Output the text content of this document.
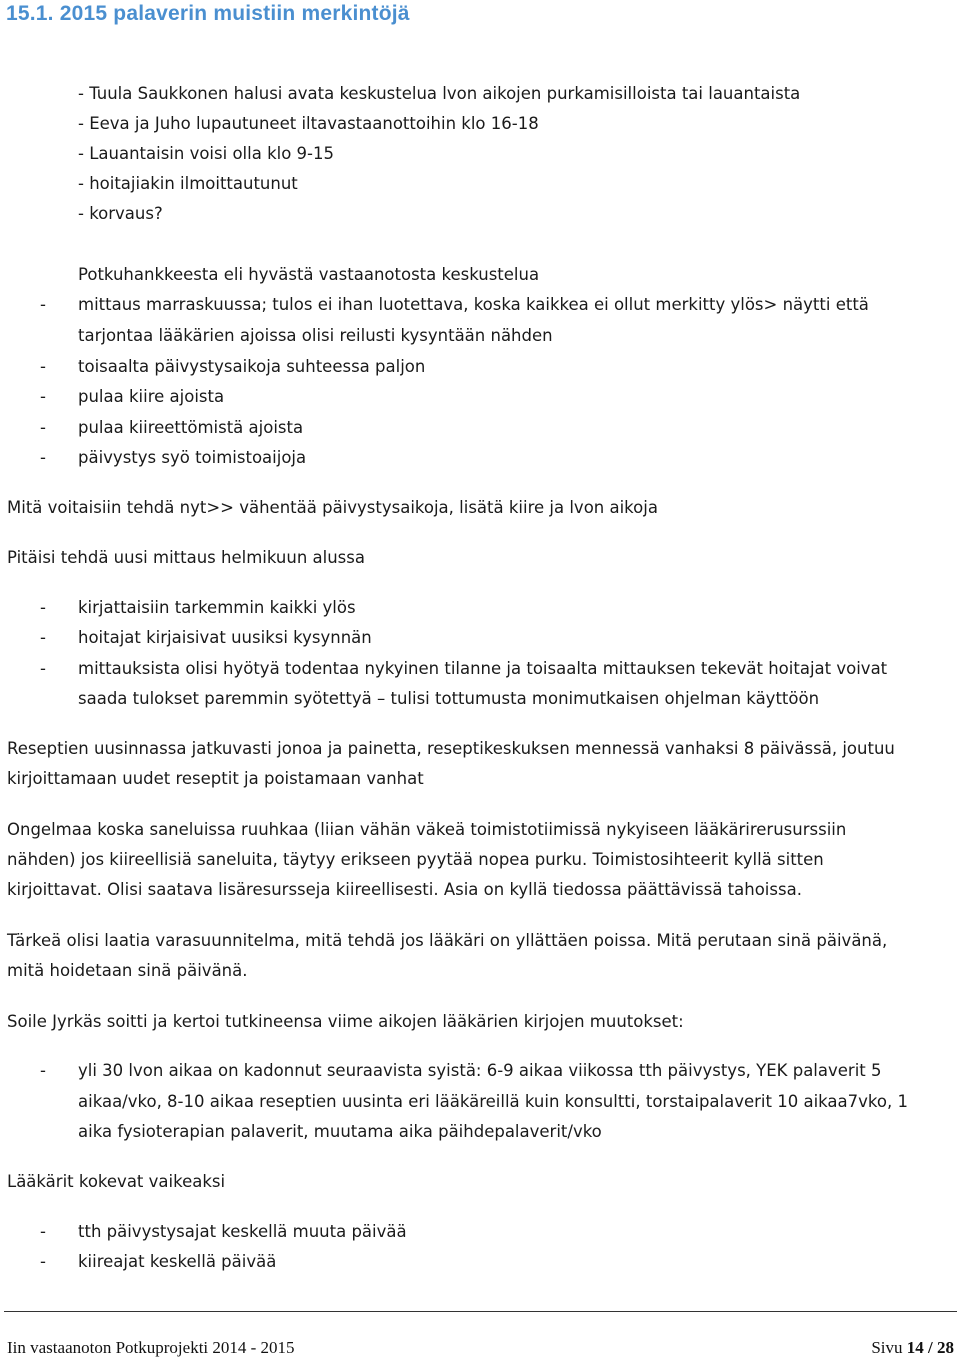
15.1. 2015 palaverin muistiin merkintöjä
- Tuula Saukkonen halusi avata keskustelua lvon aikojen purkamisilloista tai lauantaista
- Eeva ja Juho lupautuneet iltavastaanottoihin klo 16-18
- Lauantaisin voisi olla klo 9-15
- hoitajiakin ilmoittautunut
- korvaus?
Potkuhankkeesta eli hyvästä vastaanotosta keskustelua
- mittaus marraskuussa; tulos ei ihan luotettava, koska kaikkea ei ollut merkitty ylös> näytti että
tarjontaa lääkärien ajoissa olisi reilusti kysyntään nähden
- toisaalta päivystysaikoja suhteessa paljon
- pulaa kiire ajoista
- pulaa kiireettömistä ajoista
- päivystys syö toimistoaijoja
Mitä voitaisiin tehdä nyt>> vähentää päivystysaikoja, lisätä kiire ja lvon aikoja
Pitäisi tehdä uusi mittaus helmikuun alussa
- kirjattaisiin tarkemmin kaikki ylös
- hoitajat kirjaisivat uusiksi kysynnän
- mittauksista olisi hyötyä todentaa nykyinen tilanne ja toisaalta mittauksen tekevät hoitajat voivat
saada tulokset paremmin syötettyä – tulisi tottumusta monimutkaisen ohjelman käyttöön
Reseptien uusinnassa jatkuvasti jonoa ja painetta, reseptikeskuksen mennessä vanhaksi 8 päivässä, joutuu
kirjoittamaan uudet reseptit ja poistamaan vanhat
Ongelmaa koska saneluissa ruuhkaa (liian vähän väkeä toimistotiimissä nykyiseen lääkärirerusurssiin
nähden) jos kiireellisiä saneluita, täytyy erikseen pyytää nopea purku. Toimistosihteerit kyllä sitten
kirjoittavat. Olisi saatava lisäresursseja kiireellisesti. Asia on kyllä tiedossa päättävissä tahoissa.
Tärkeä olisi laatia varasuunnitelma, mitä tehdä jos lääkäri on yllättäen poissa. Mitä perutaan sinä päivänä,
mitä hoidetaan sinä päivänä.
Soile Jyrkäs soitti ja kertoi tutkineensa viime aikojen lääkärien kirjojen muutokset:
- yli 30 lvon aikaa on kadonnut seuraavista syistä: 6-9 aikaa viikossa tth päivystys, YEK palaverit 5
aikaa/vko, 8-10 aikaa reseptien uusinta eri lääkäreillä kuin konsultti, torstaipalaverit 10 aikaa7vko, 1
aika fysioterapian palaverit, muutama aika päihdepalaverit/vko
Lääkärit kokevat vaikeaksi
- tth päivystysajat keskellä muuta päivää
- kiireajat keskellä päivää
Iin vastaanoton Potkuprojekti 2014 - 2015	Sivu 14 / 28
